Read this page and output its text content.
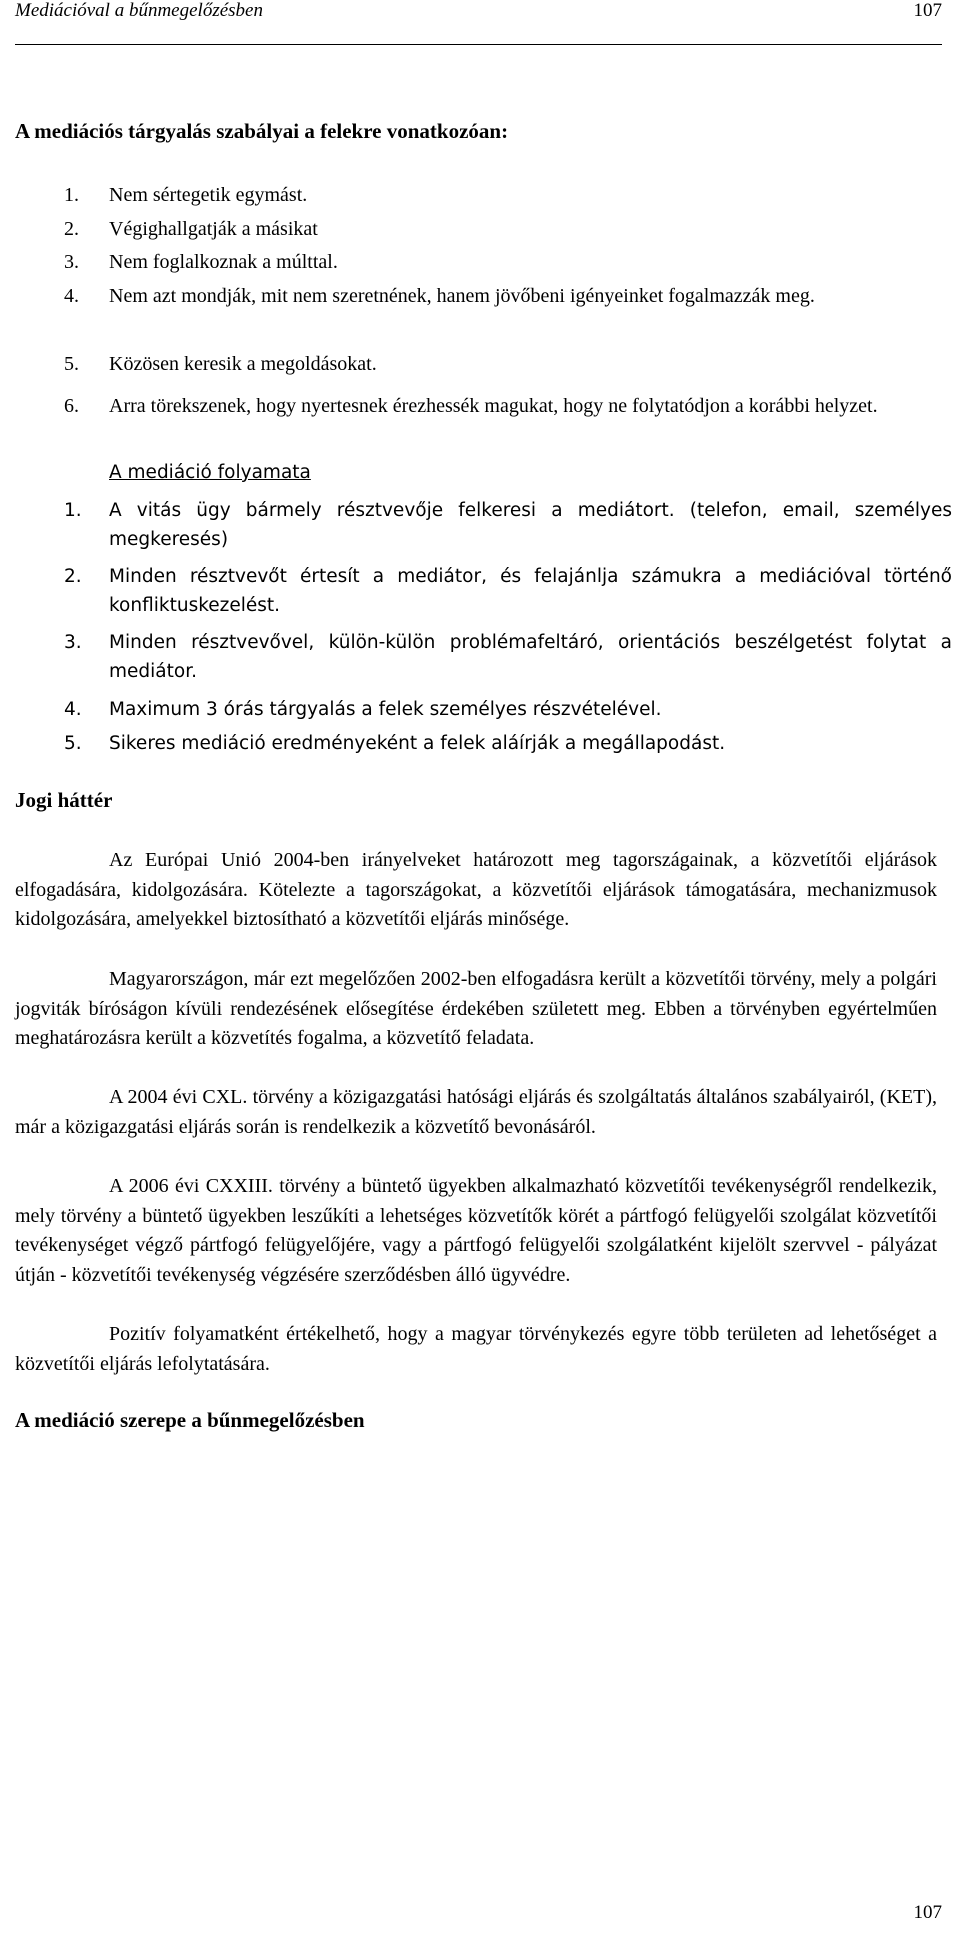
Mediációval a bűnmegelőzésben	107
A mediációs tárgyalás szabályai a felekre vonatkozóan:
1. Nem sértegetik egymást.
2. Végighallgatják a másikat
3. Nem foglalkoznak a múlttal.
4. Nem azt mondják, mit nem szeretnének, hanem jövőbeni igényeinket fogalmazzák meg.
5. Közösen keresik a megoldásokat.
6. Arra törekszenek, hogy nyertesnek érezhessék magukat, hogy ne folytatódjon a korábbi helyzet.
A mediáció folyamata
1. A vitás ügy bármely résztvevője felkeresi a mediátort. (telefon, email, személyes megkeresés)
2. Minden résztvevőt értesít a mediátor, és felajánlja számukra a mediációval történő konfliktuskezelést.
3. Minden résztvevővel, külön-külön problémafeltáró, orientációs beszélgetést folytat a mediátor.
4. Maximum 3 órás tárgyalás a felek személyes részvételével.
5. Sikeres mediáció eredményeként a felek aláírják a megállapodást.
Jogi háttér
Az Európai Unió 2004-ben irányelveket határozott meg tagországainak, a közvetítői eljárások elfogadására, kidolgozására. Kötelezte a tagországokat, a közvetítői eljárások támogatására, mechanizmusok kidolgozására, amelyekkel biztosítható a közvetítői eljárás minősége.
Magyarországon, már ezt megelőzően 2002-ben elfogadásra került a közvetítői törvény, mely a polgári jogviták bíróságon kívüli rendezésének elősegítése érdekében született meg. Ebben a törvényben egyértelműen meghatározásra került a közvetítés fogalma, a közvetítő feladata.
A 2004 évi CXL. törvény a közigazgatási hatósági eljárás és szolgáltatás általános szabályairól, (KET), már a közigazgatási eljárás során is rendelkezik a közvetítő bevonásáról.
A 2006 évi CXXIII. törvény a büntető ügyekben alkalmazható közvetítői tevékenységről rendelkezik, mely törvény a büntető ügyekben leszűkíti a lehetséges közvetítők körét a pártfogó felügyelői szolgálat közvetítői tevékenységet végző pártfogó felügyelőjére, vagy a pártfogó felügyelői szolgálatként kijelölt szervvel - pályázat útján - közvetítői tevékenység végzésére szerződésben álló ügyvédre.
Pozitív folyamatként értékelhető, hogy a magyar törvénykezés egyre több területen ad lehetőséget a közvetítői eljárás lefolytatására.
A mediáció szerepe a bűnmegelőzésben
107
